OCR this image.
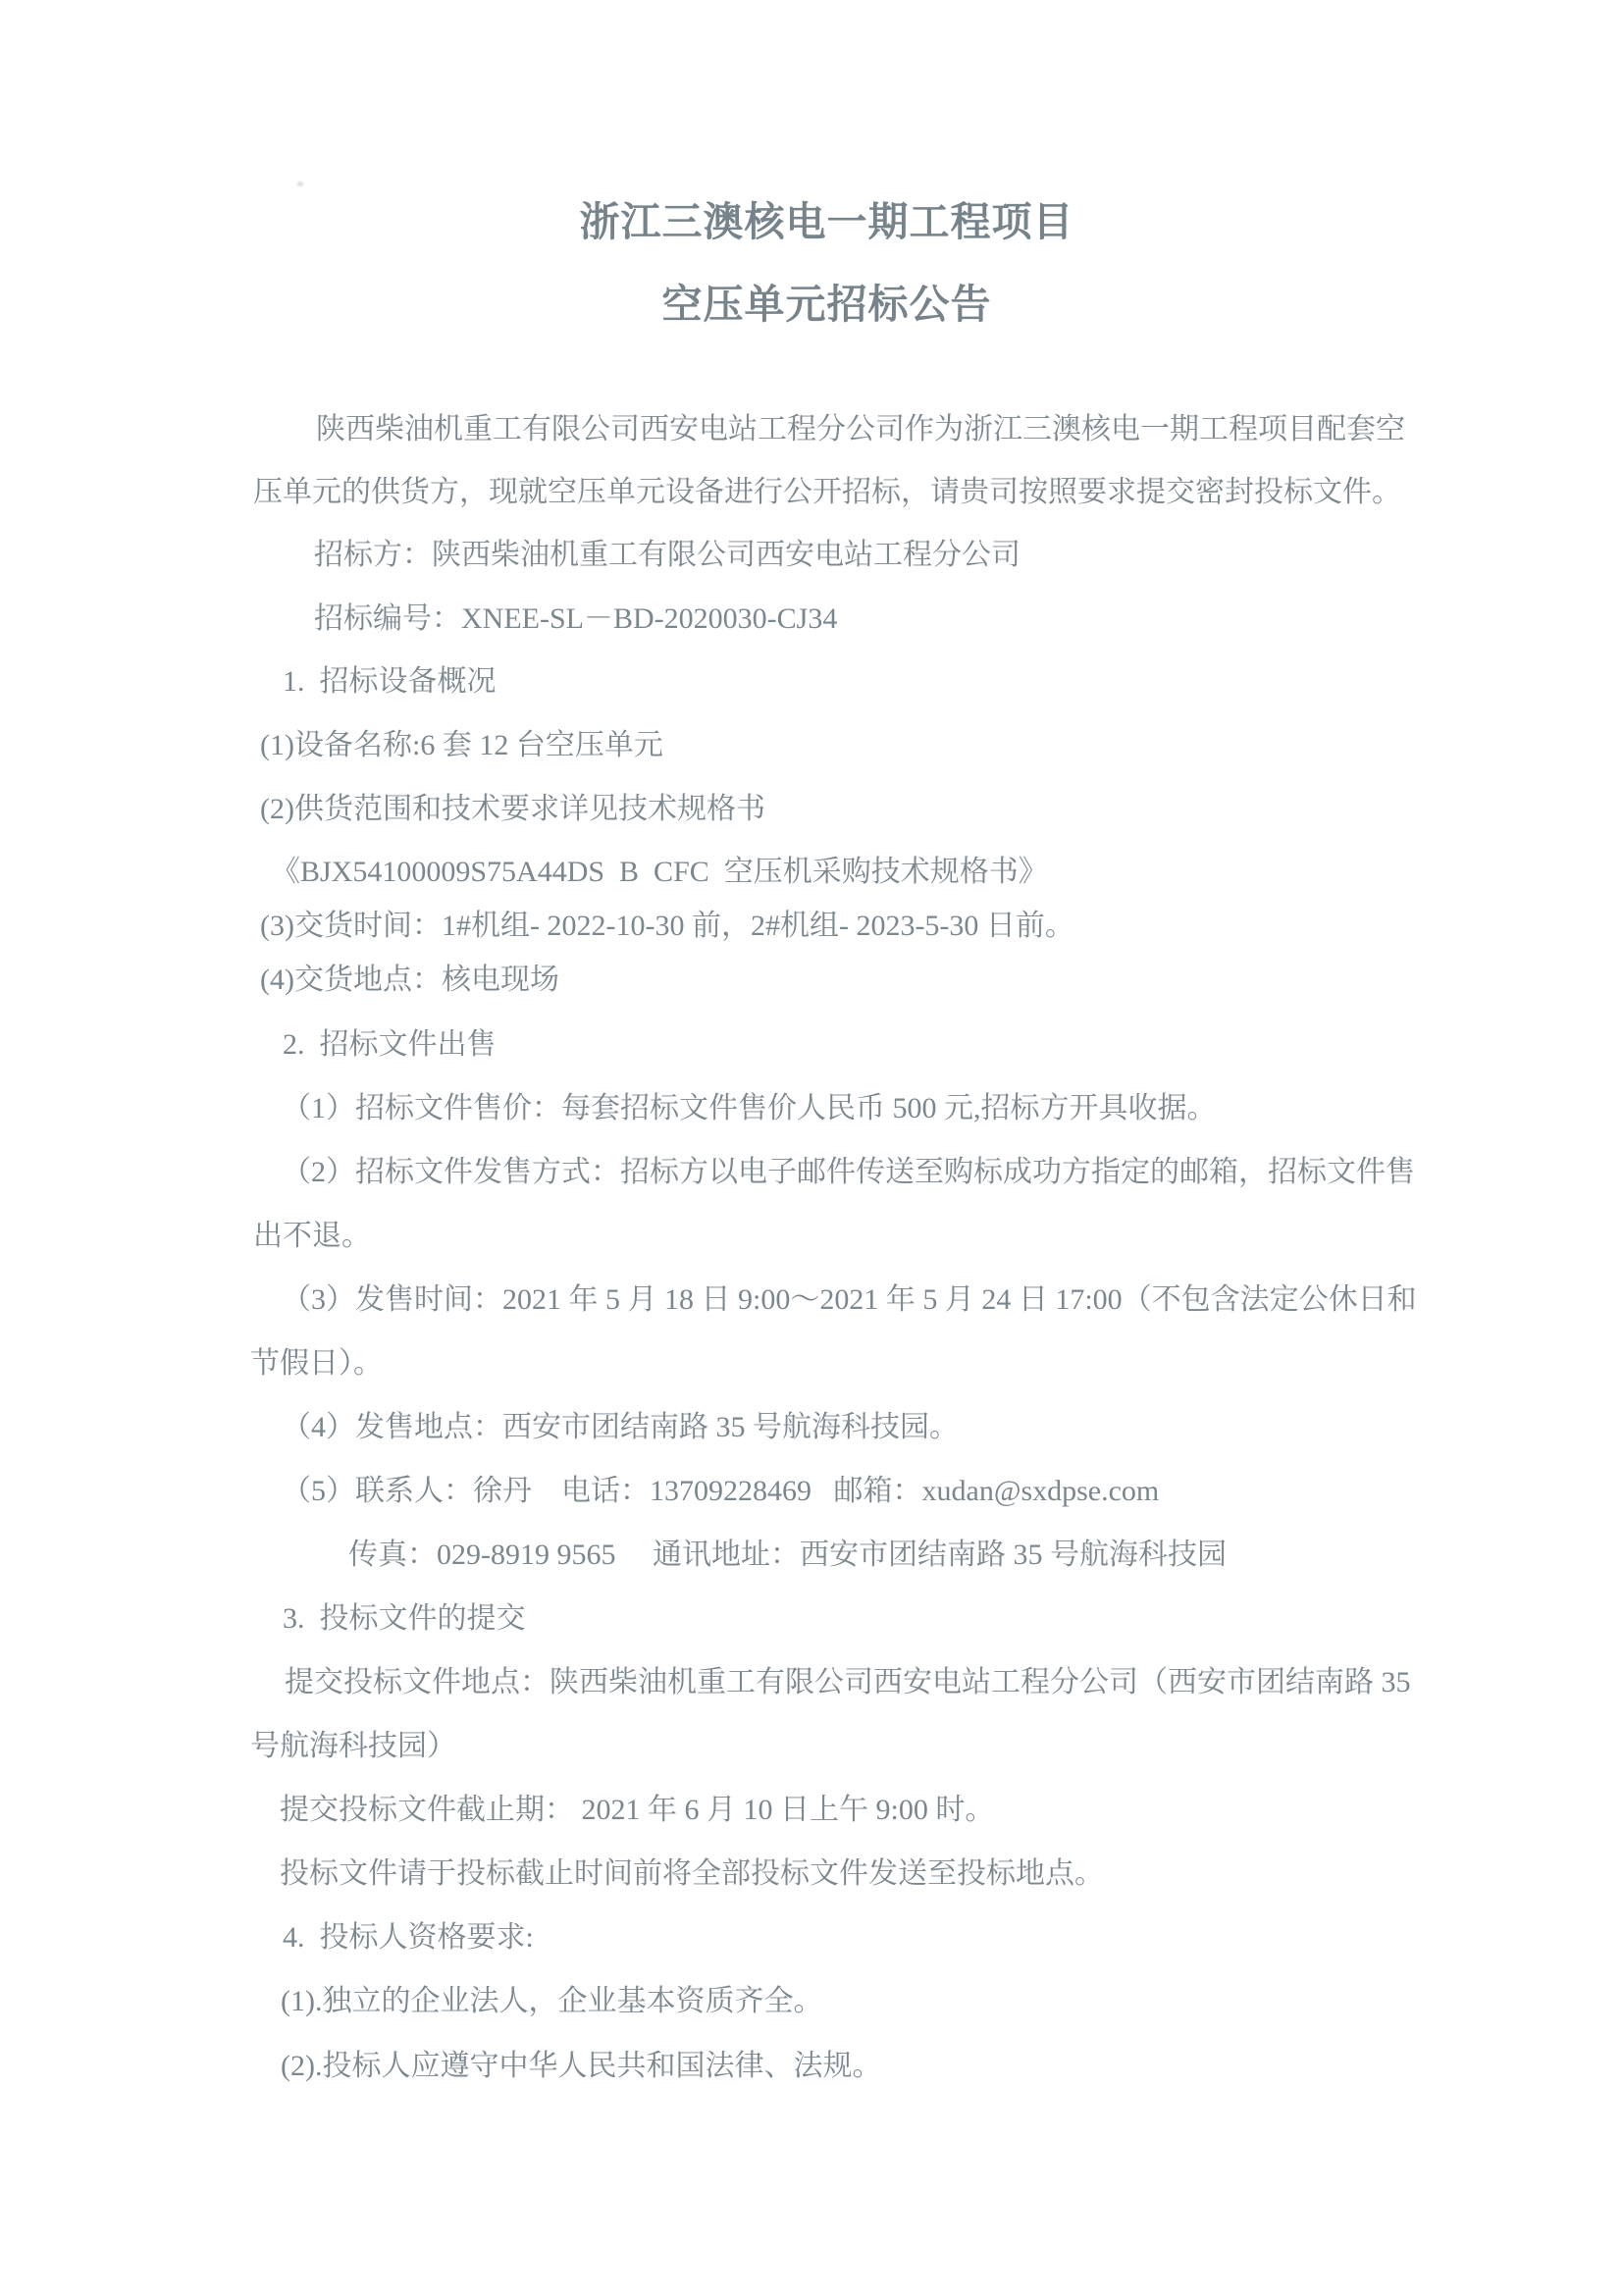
浙江三澳核电一期工程项目
空压单元招标公告
陕西柴油机重工有限公司西安电站工程分公司作为浙江三澳核电一期工程项目配套空
压单元的供货方，现就空压单元设备进行公开招标，请贵司按照要求提交密封投标文件。
招标方：陕西柴油机重工有限公司西安电站工程分公司
招标编号：XNEE-SL－BD-2020030-CJ34
1.  招标设备概况
(1)设备名称:6 套 12 台空压单元
(2)供货范围和技术要求详见技术规格书
《BJX54100009S75A44DS  B  CFC  空压机采购技术规格书》
(3)交货时间：1#机组- 2022-10-30 前，2#机组- 2023-5-30 日前。
(4)交货地点：核电现场
2.  招标文件出售
（1）招标文件售价：每套招标文件售价人民币 500 元,招标方开具收据。
（2）招标文件发售方式：招标方以电子邮件传送至购标成功方指定的邮箱，招标文件售
出不退。
（3）发售时间：2021 年 5 月 18 日 9:00～2021 年 5 月 24 日 17:00（不包含法定公休日和
节假日）。
（4）发售地点：西安市团结南路 35 号航海科技园。
（5）联系人：徐丹    电话：13709228469   邮箱：xudan@sxdpse.com
传真：029-8919 9565     通讯地址：西安市团结南路 35 号航海科技园
3.  投标文件的提交
提交投标文件地点：陕西柴油机重工有限公司西安电站工程分公司（西安市团结南路 35
号航海科技园）
提交投标文件截止期： 2021 年 6 月 10 日上午 9:00 时。
投标文件请于投标截止时间前将全部投标文件发送至投标地点。
4.  投标人资格要求:
(1).独立的企业法人，企业基本资质齐全。
(2).投标人应遵守中华人民共和国法律、法规。
